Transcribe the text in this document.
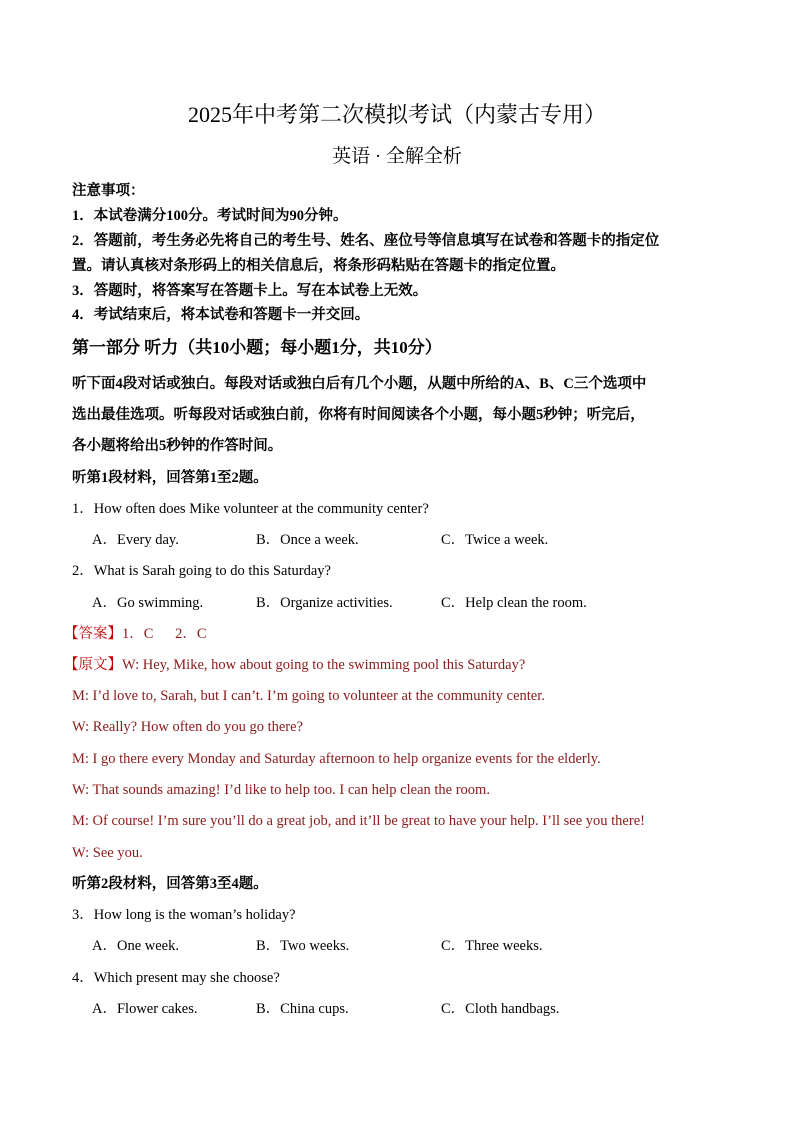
2025年中考第二次模拟考试（内蒙古专用）
英语 · 全解全析
注意事项：
1．本试卷满分100分。考试时间为90分钟。
2．答题前，考生务必先将自己的考生号、姓名、座位号等信息填写在试卷和答题卡的指定位
置。请认真核对条形码上的相关信息后，将条形码粘贴在答题卡的指定位置。
3．答题时，将答案写在答题卡上。写在本试卷上无效。
4．考试结束后，将本试卷和答题卡一并交回。
第一部分 听力（共10小题；每小题1分，共10分）
听下面4段对话或独白。每段对话或独白后有几个小题，从题中所给的A、B、C三个选项中
选出最佳选项。听每段对话或独白前，你将有时间阅读各个小题，每小题5秒钟；听完后，
各小题将给出5秒钟的作答时间。
听第1段材料，回答第1至2题。
1．How often does Mike volunteer at the community center?
A．Every day.	B．Once a week.	C．Twice a week.
2．What is Sarah going to do this Saturday?
A．Go swimming.	B．Organize activities.	C．Help clean the room.
【答案】1．C      2．C
【原文】W: Hey, Mike, how about going to the swimming pool this Saturday?
M: I’d love to, Sarah, but I can’t. I’m going to volunteer at the community center.
W: Really? How often do you go there?
M: I go there every Monday and Saturday afternoon to help organize events for the elderly.
W: That sounds amazing! I’d like to help too. I can help clean the room.
M: Of course! I’m sure you’ll do a great job, and it’ll be great to have your help. I’ll see you there!
W: See you.
听第2段材料，回答第3至4题。
3．How long is the woman’s holiday?
A．One week.	B．Two weeks.	C．Three weeks.
4．Which present may she choose?
A．Flower cakes.	B．China cups.	C．Cloth handbags.
